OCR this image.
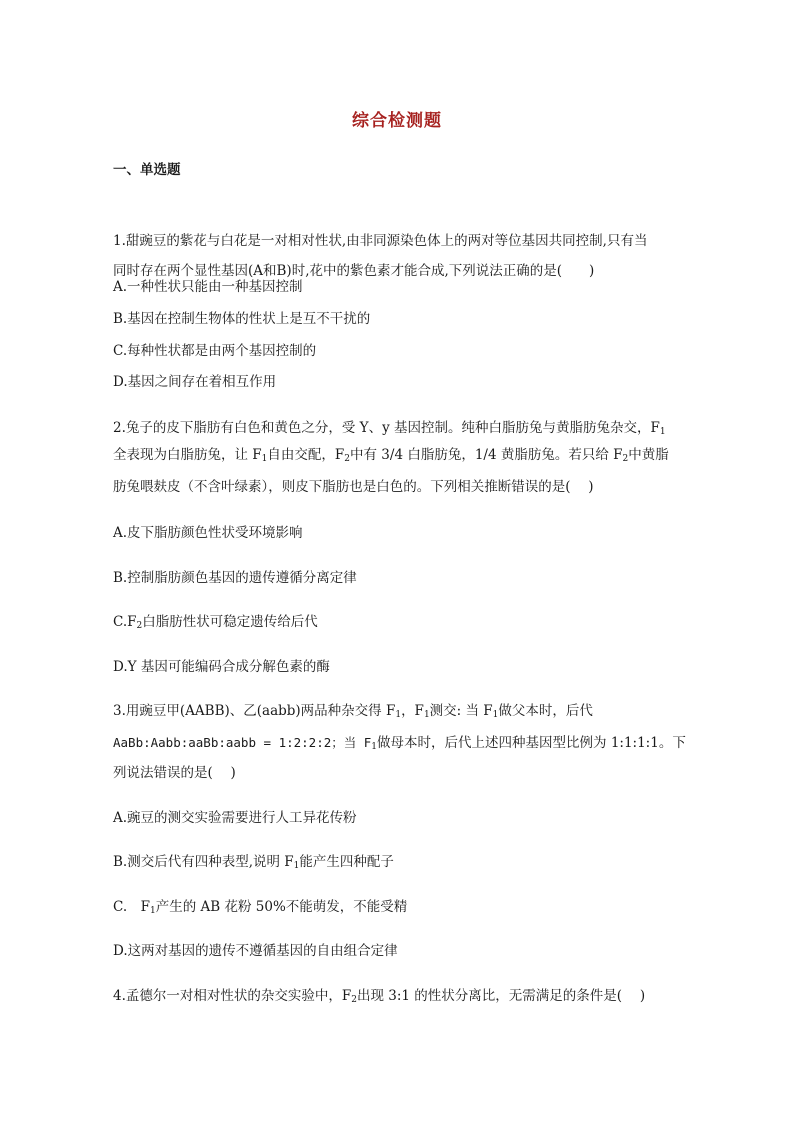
综合检测题
一、单选题
1.甜豌豆的紫花与白花是一对相对性状,由非同源染色体上的两对等位基因共同控制,只有当
同时存在两个显性基因(A和B)时,花中的紫色素才能合成,下列说法正确的是(　　)
A.一种性状只能由一种基因控制
B.基因在控制生物体的性状上是互不干扰的
C.每种性状都是由两个基因控制的
D.基因之间存在着相互作用
2.兔子的皮下脂肪有白色和黄色之分，受 Y、y 基因控制。纯种白脂肪兔与黄脂肪兔杂交，$F_1$
全表现为白脂肪兔，让 $F_1$自由交配，$F_2$中有 3/4 白脂肪兔，1/4 黄脂肪兔。若只给 $F_2$中黄脂
肪兔喂麸皮（不含叶绿素），则皮下脂肪也是白色的。下列相关推断错误的是(　 )
A.皮下脂肪颜色性状受环境影响
B.控制脂肪颜色基因的遗传遵循分离定律
$C.F_2$白脂肪性状可稳定遗传给后代
D.Y 基因可能编码合成分解色素的酶
3.用豌豆甲(AABB)、乙(aabb)两品种杂交得 $F_1$，$F_1$测交: 当 $F_1$做父本时，后代
AaBb:Aabb:aaBb:aabb = 1:2:2:2；当 $F_1$做母本时，后代上述四种基因型比例为 1:1:1:1。下
列说法错误的是(　 )
A.豌豆的测交实验需要进行人工异花传粉
B.测交后代有四种表型,说明 $F_1$能产生四种配子
C.　$F_1$产生的 AB 花粉 50%不能萌发，不能受精
D.这两对基因的遗传不遵循基因的自由组合定律
4.孟德尔一对相对性状的杂交实验中，$F_2$出现 3:1 的性状分离比，无需满足的条件是(　 )
